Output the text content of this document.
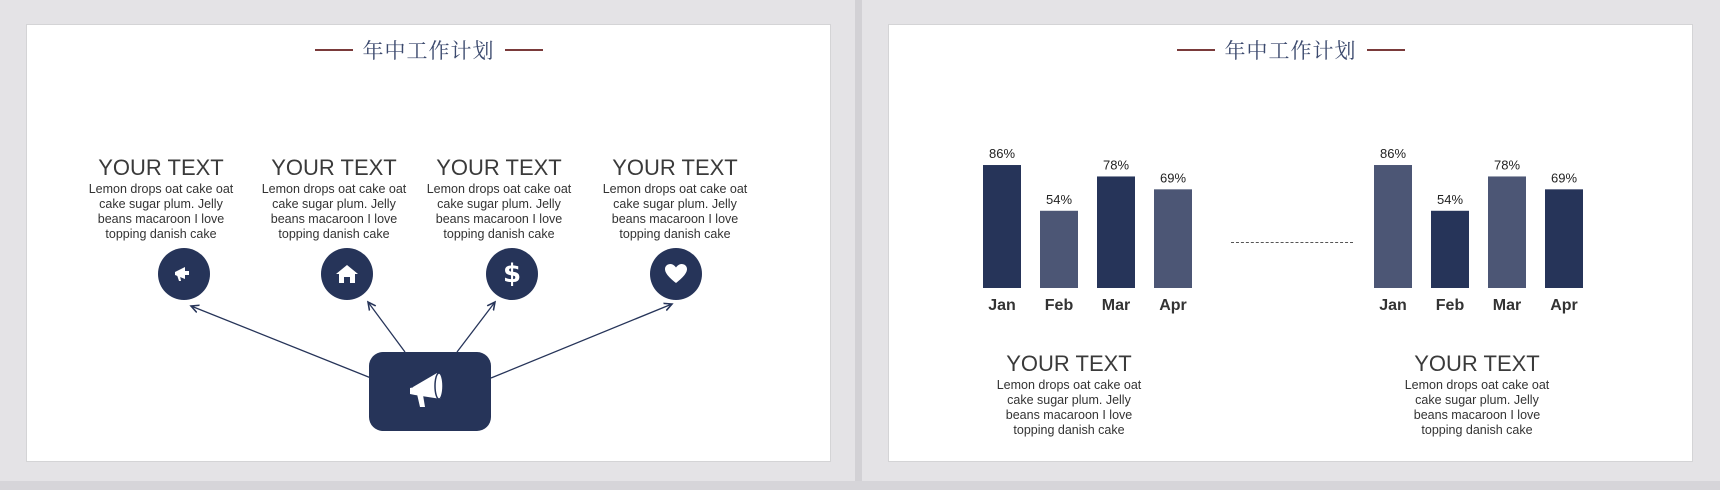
年中工作计划
YOUR TEXT
Lemon drops oat cake oat
cake sugar plum. Jelly
beans macaroon I love
topping danish cake
YOUR TEXT
Lemon drops oat cake oat
cake sugar plum. Jelly
beans macaroon I love
topping danish cake
YOUR TEXT
Lemon drops oat cake oat
cake sugar plum. Jelly
beans macaroon I love
topping danish cake
YOUR TEXT
Lemon drops oat cake oat
cake sugar plum. Jelly
beans macaroon I love
topping danish cake
$
年中工作计划
86%
Jan
54%
Feb
78%
Mar
69%
Apr
86%
Jan
54%
Feb
78%
Mar
69%
Apr
YOUR TEXT
Lemon drops oat cake oat
cake sugar plum. Jelly
beans macaroon I love
topping danish cake
YOUR TEXT
Lemon drops oat cake oat
cake sugar plum. Jelly
beans macaroon I love
topping danish cake
